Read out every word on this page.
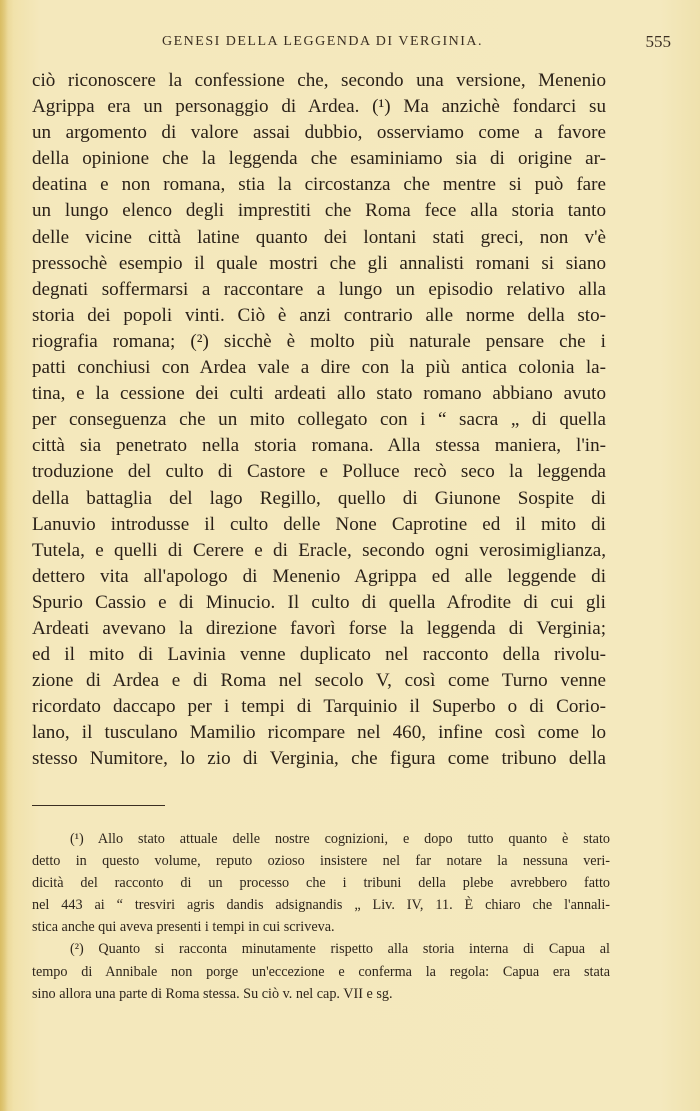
GENESI DELLA LEGGENDA DI VERGINIA.	555
ciò riconoscere la confessione che, secondo una versione, Menenio
Agrippa era un personaggio di Ardea. (¹) Ma anzichè fondarci su
un argomento di valore assai dubbio, osserviamo come a favore
della opinione che la leggenda che esaminiamo sia di origine ar-
deatina e non romana, stia la circostanza che mentre si può fare
un lungo elenco degli imprestiti che Roma fece alla storia tanto
delle vicine città latine quanto dei lontani stati greci, non v'è
pressochè esempio il quale mostri che gli annalisti romani si siano
degnati soffermarsi a raccontare a lungo un episodio relativo alla
storia dei popoli vinti. Ciò è anzi contrario alle norme della sto-
riografia romana; (²) sicchè è molto più naturale pensare che i
patti conchiusi con Ardea vale a dire con la più antica colonia la-
tina, e la cessione dei culti ardeati allo stato romano abbiano avuto
per conseguenza che un mito collegato con i “ sacra „ di quella
città sia penetrato nella storia romana. Alla stessa maniera, l'in-
troduzione del culto di Castore e Polluce recò seco la leggenda
della battaglia del lago Regillo, quello di Giunone Sospite di
Lanuvio introdusse il culto delle None Caprotine ed il mito di
Tutela, e quelli di Cerere e di Eracle, secondo ogni verosimiglianza,
dettero vita all'apologo di Menenio Agrippa ed alle leggende di
Spurio Cassio e di Minucio. Il culto di quella Afrodite di cui gli
Ardeati avevano la direzione favorì forse la leggenda di Verginia;
ed il mito di Lavinia venne duplicato nel racconto della rivolu-
zione di Ardea e di Roma nel secolo V, così come Turno venne
ricordato daccapo per i tempi di Tarquinio il Superbo o di Corio-
lano, il tusculano Mamilio ricompare nel 460, infine così come lo
stesso Numitore, lo zio di Verginia, che figura come tribuno della
(¹) Allo stato attuale delle nostre cognizioni, e dopo tutto quanto è stato
detto in questo volume, reputo ozioso insistere nel far notare la nessuna veri-
dicità del racconto di un processo che i tribuni della plebe avrebbero fatto
nel 443 ai “ tresviri agris dandis adsignandis „ Liv. IV, 11. È chiaro che l'annali-
stica anche qui aveva presenti i tempi in cui scriveva.
(²) Quanto si racconta minutamente rispetto alla storia interna di Capua al
tempo di Annibale non porge un'eccezione e conferma la regola: Capua era stata
sino allora una parte di Roma stessa. Su ciò v. nel cap. VII e sg.
